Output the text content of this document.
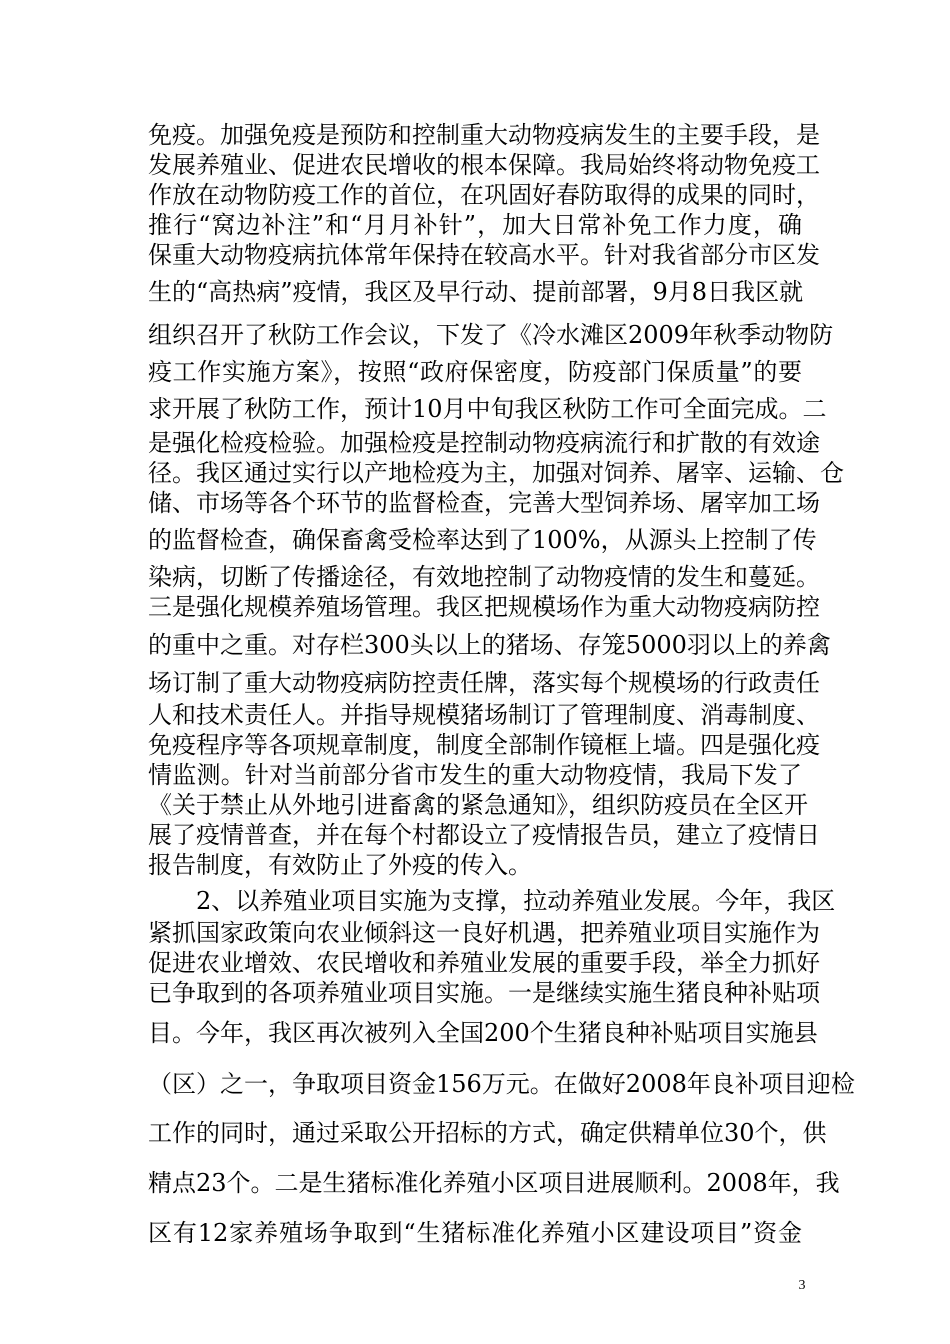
免疫。加强免疫是预防和控制重大动物疫病发生的主要手段，是
发展养殖业、促进农民增收的根本保障。我局始终将动物免疫工
作放在动物防疫工作的首位，在巩固好春防取得的成果的同时，
推行“窝边补注”和“月月补针”，加大日常补免工作力度，确
保重大动物疫病抗体常年保持在较高水平。针对我省部分市区发
生的“高热病”疫情，我区及早行动、提前部署，9月8日我区就
组织召开了秋防工作会议，下发了《冷水滩区2009年秋季动物防
疫工作实施方案》，按照“政府保密度，防疫部门保质量”的要
求开展了秋防工作，预计10月中旬我区秋防工作可全面完成。二
是强化检疫检验。加强检疫是控制动物疫病流行和扩散的有效途
径。我区通过实行以产地检疫为主，加强对饲养、屠宰、运输、仓
储、市场等各个环节的监督检查，完善大型饲养场、屠宰加工场
的监督检查，确保畜禽受检率达到了100%，从源头上控制了传
染病，切断了传播途径，有效地控制了动物疫情的发生和蔓延。
三是强化规模养殖场管理。我区把规模场作为重大动物疫病防控
的重中之重。对存栏300头以上的猪场、存笼5000羽以上的养禽
场订制了重大动物疫病防控责任牌，落实每个规模场的行政责任
人和技术责任人。并指导规模猪场制订了管理制度、消毒制度、
免疫程序等各项规章制度，制度全部制作镜框上墙。四是强化疫
情监测。针对当前部分省市发生的重大动物疫情，我局下发了
《关于禁止从外地引进畜禽的紧急通知》，组织防疫员在全区开
展了疫情普查，并在每个村都设立了疫情报告员，建立了疫情日
报告制度，有效防止了外疫的传入。
2、以养殖业项目实施为支撑，拉动养殖业发展。今年，我区
紧抓国家政策向农业倾斜这一良好机遇，把养殖业项目实施作为
促进农业增效、农民增收和养殖业发展的重要手段，举全力抓好
已争取到的各项养殖业项目实施。一是继续实施生猪良种补贴项
目。今年，我区再次被列入全国200个生猪良种补贴项目实施县
（区）之一，争取项目资金156万元。在做好2008年良补项目迎检
工作的同时，通过采取公开招标的方式，确定供精单位30个，供
精点23个。二是生猪标准化养殖小区项目进展顺利。2008年，我
区有12家养殖场争取到“生猪标准化养殖小区建设项目”资金
3
